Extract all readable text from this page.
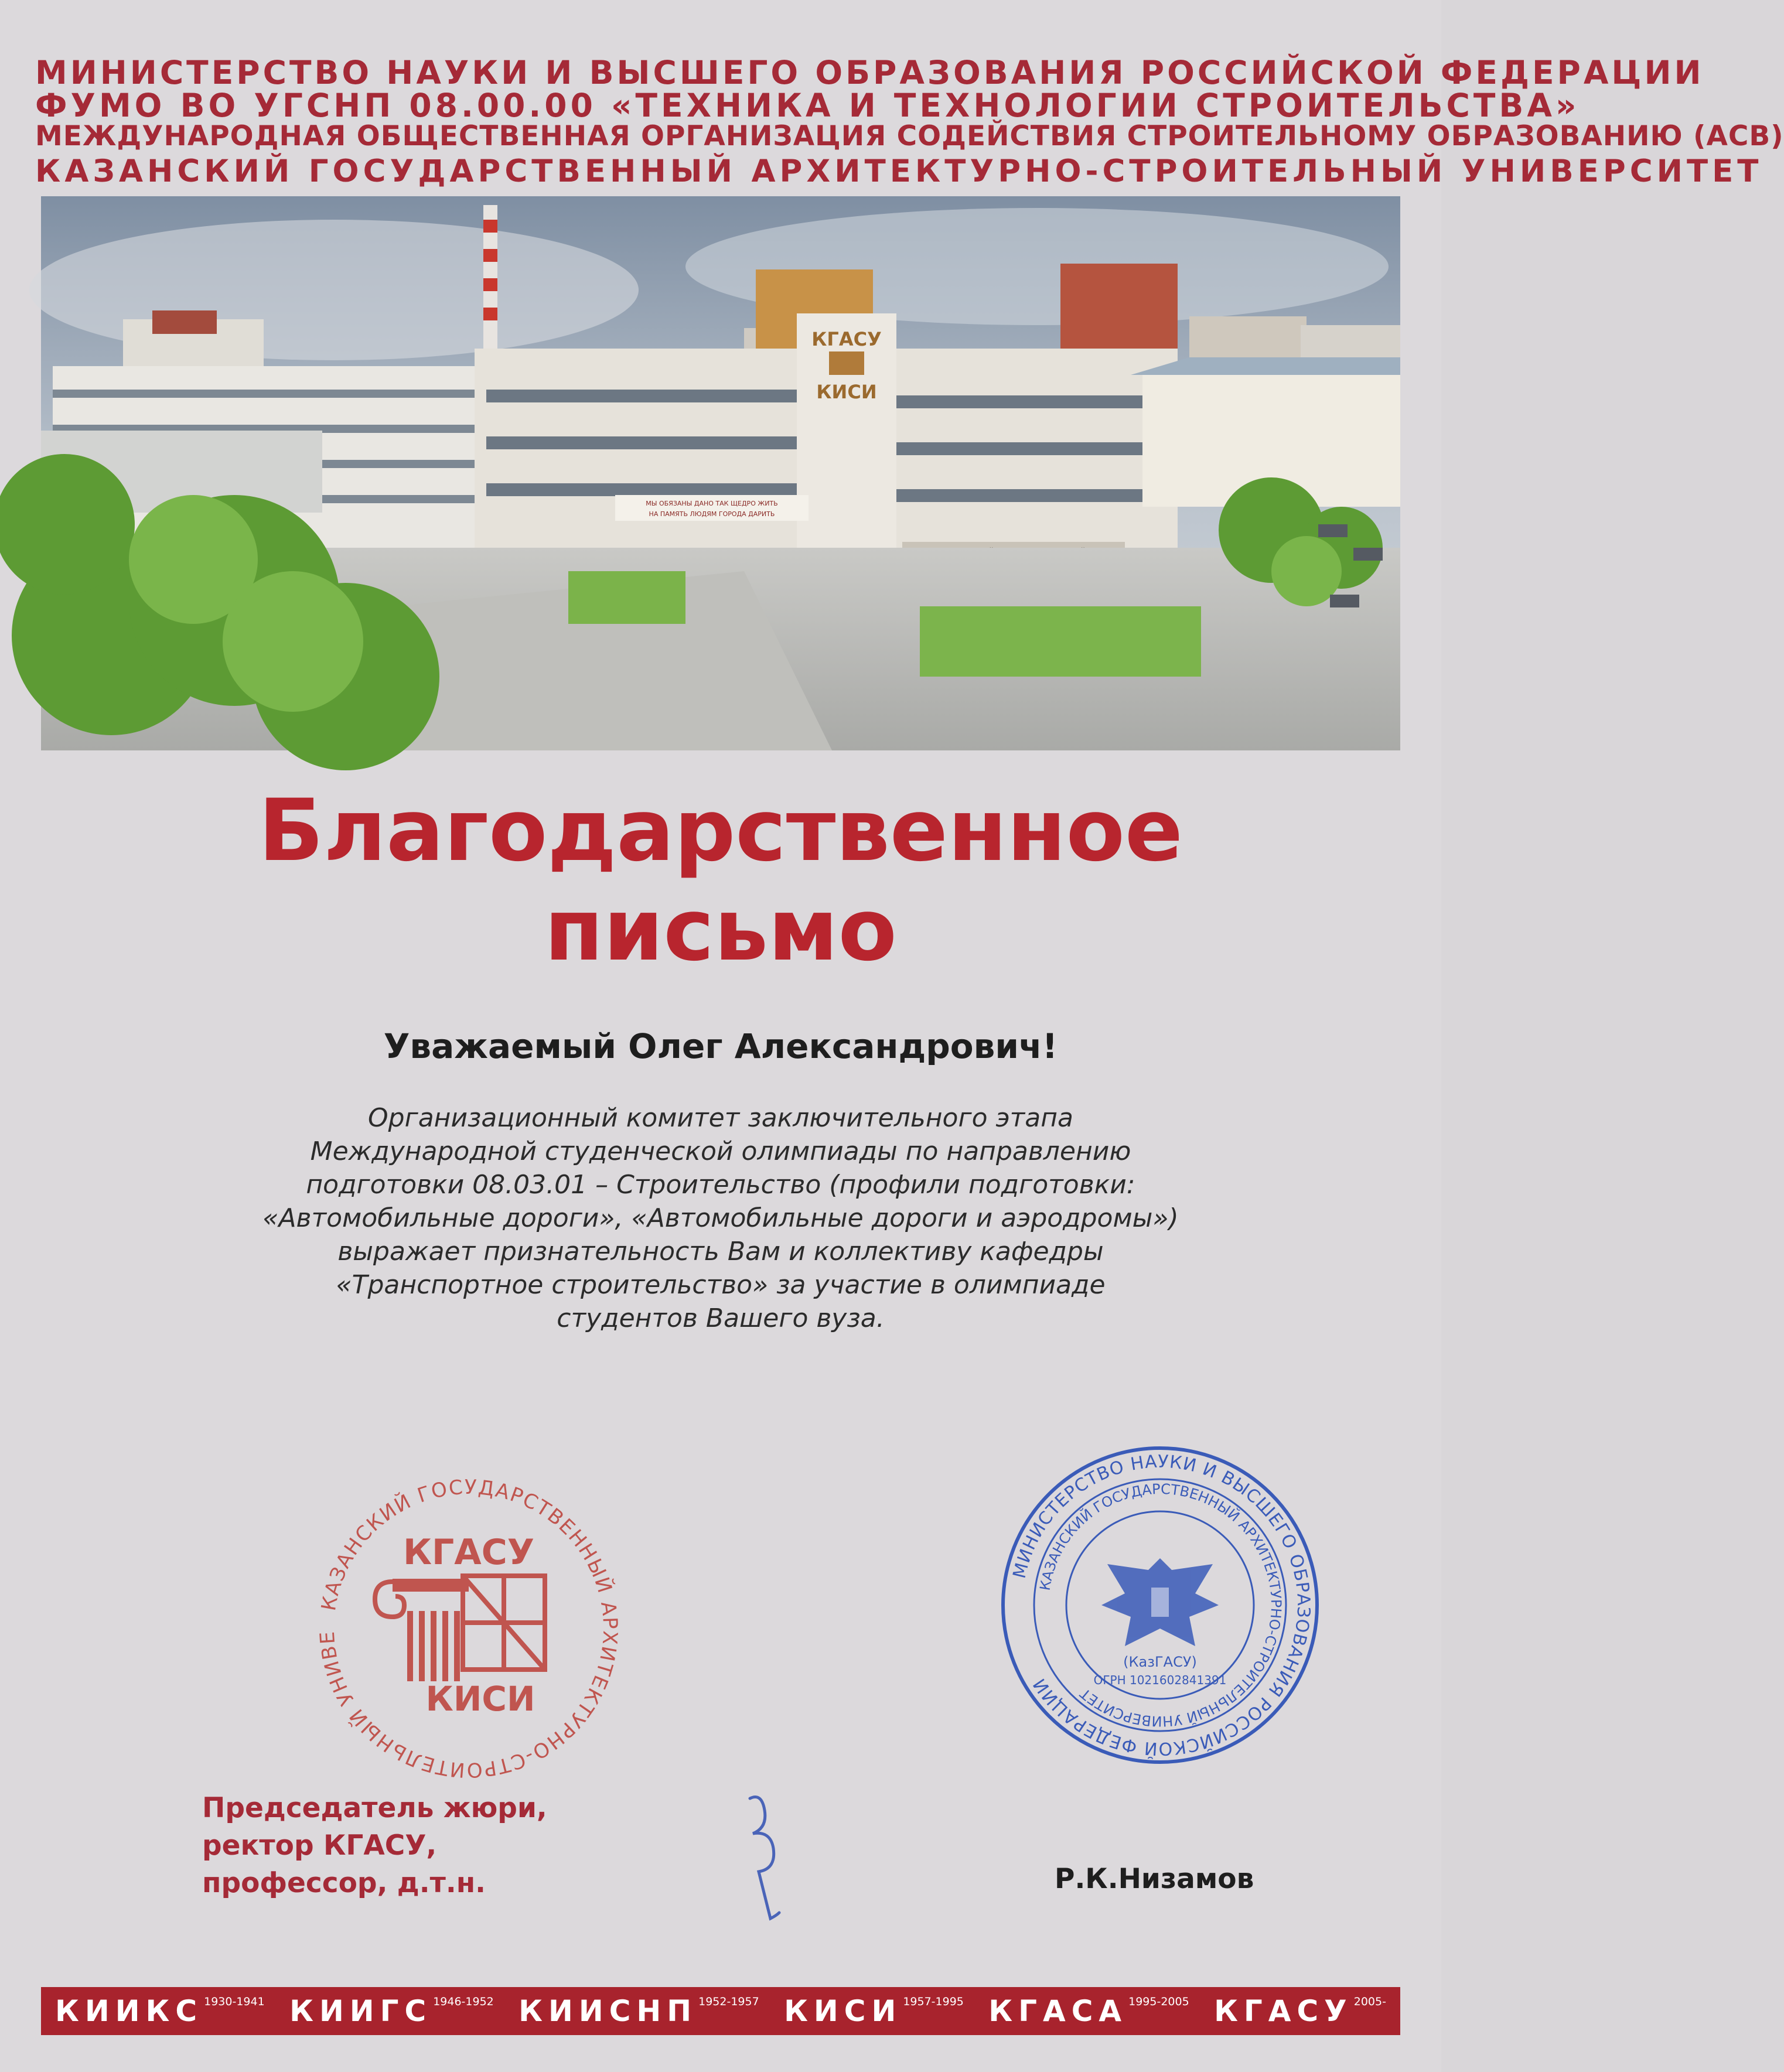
МИНИСТЕРСТВО НАУКИ И ВЫСШЕГО ОБРАЗОВАНИЯ РОССИЙСКОЙ ФЕДЕРАЦИИ
ФУМО ВО УГСНП 08.00.00 «ТЕХНИКА И ТЕХНОЛОГИИ СТРОИТЕЛЬСТВА»
МЕЖДУНАРОДНАЯ ОБЩЕСТВЕННАЯ ОРГАНИЗАЦИЯ СОДЕЙСТВИЯ СТРОИТЕЛЬНОМУ ОБРАЗОВАНИЮ (АСВ)
КАЗАНСКИЙ ГОСУДАРСТВЕННЫЙ АРХИТЕКТУРНО-СТРОИТЕЛЬНЫЙ УНИВЕРСИТЕТ
КГАСУ
КИСИ
МЫ ОБЯЗАНЫ ДАНО ТАК ЩЕДРО ЖИТЬ
НА ПАМЯТЬ ЛЮДЯМ ГОРОДА ДАРИТЬ
Благодарственное
письмо
Уважаемый Олег Александрович!
Организационный комитет заключительного этапа
Международной студенческой олимпиады по направлению
подготовки 08.03.01 – Строительство (профили подготовки:
«Автомобильные дороги», «Автомобильные дороги и аэродромы»)
выражает признательность Вам и коллективу кафедры
«Транспортное строительство» за участие в олимпиаде
студентов Вашего вуза.
КАЗАНСКИЙ ГОСУДАРСТВЕННЫЙ АРХИТЕКТУРНО-СТРОИТЕЛЬНЫЙ УНИВЕ
КГАСУ
КИСИ
МИНИСТЕРСТВО НАУКИ И ВЫСШЕГО ОБРАЗОВАНИЯ РОССИЙСКОЙ ФЕДЕРАЦИИ
КАЗАНСКИЙ ГОСУДАРСТВЕННЫЙ АРХИТЕКТУРНО-СТРОИТЕЛЬНЫЙ УНИВЕРСИТЕТ
(КазГАСУ)
ОГРН 1021602841391
Председатель жюри,
ректор КГАСУ,
профессор, д.т.н.	Р.К.Низамов
$КИИКС^{1930-1941}$ $КИИГС^{1946-1952}$ $КИИСНП^{1952-1957}$ $КИСИ^{1957-1995}$ $КГАСА^{1995-2005}$ $КГАСУ^{2005-}$
